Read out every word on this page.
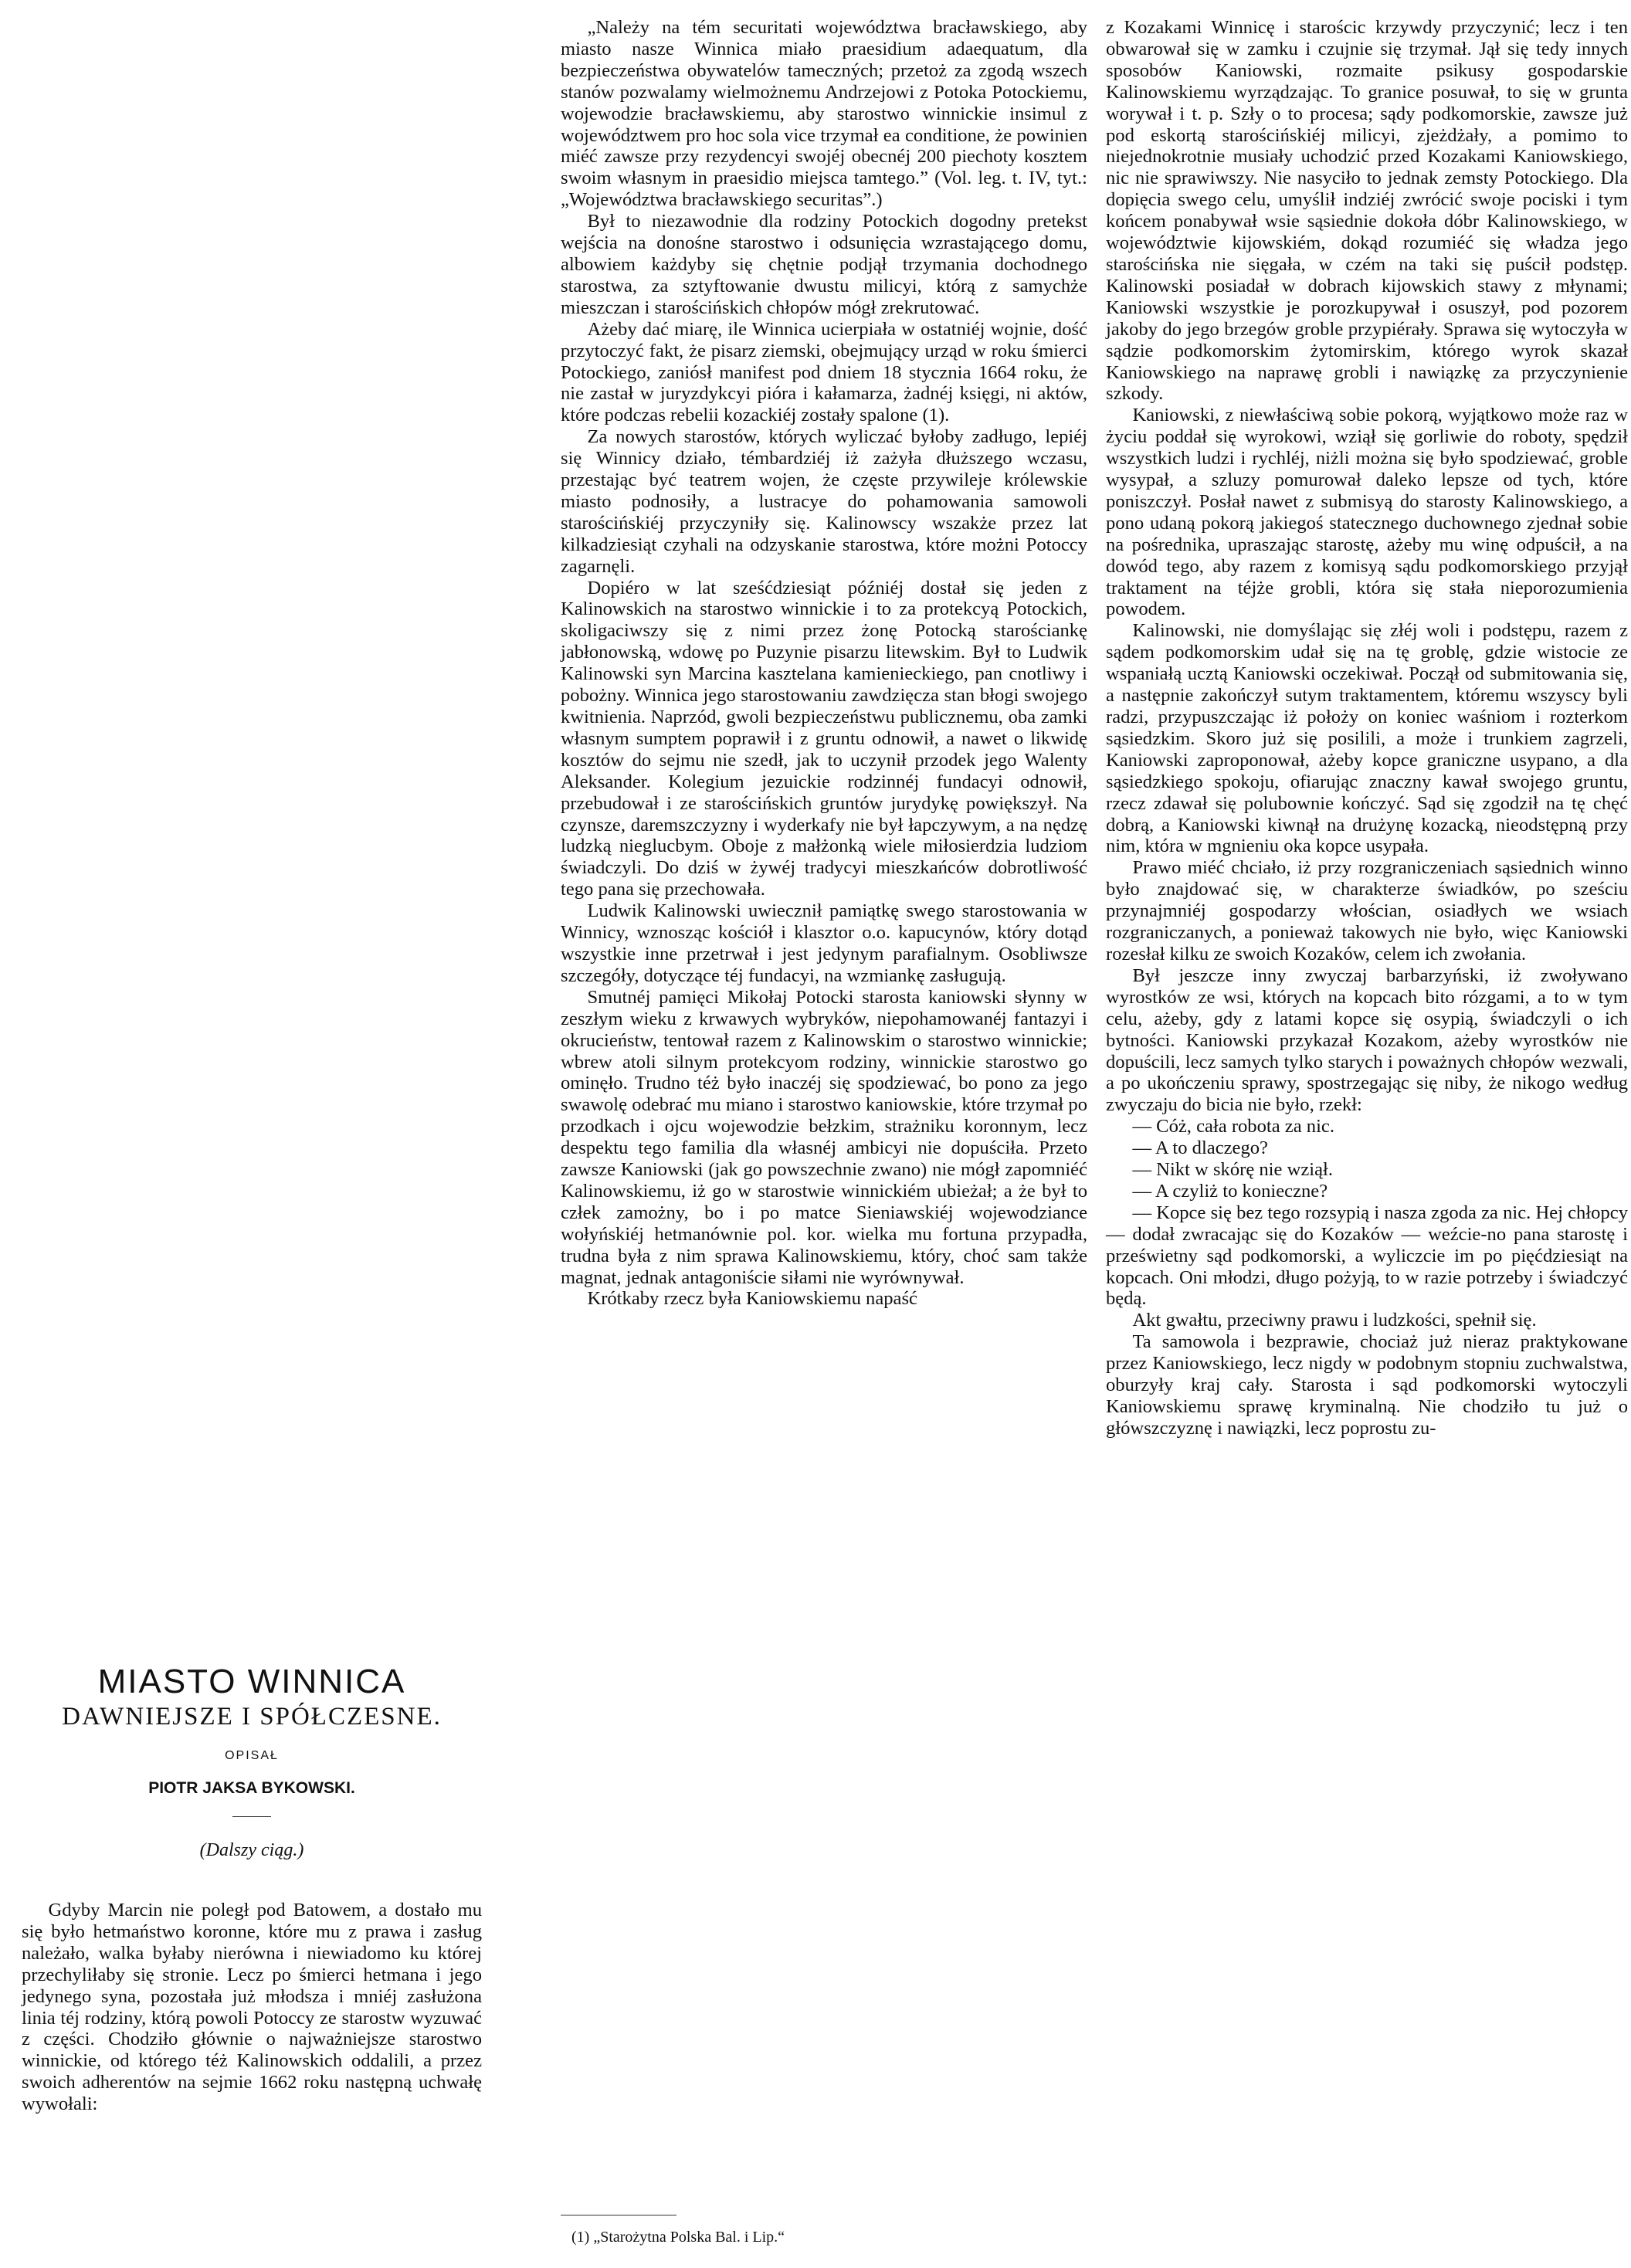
MIASTO WINNICA
DAWNIEJSZE I SPÓŁCZESNE.
OPISAŁ
PIOTR JAKSA BYKOWSKI.
(Dalszy ciąg.)

Gdyby Marcin nie poległ pod Batowem, a dostało mu się było hetmaństwo koronne, które mu z prawa i zasług należało, walka byłaby nierówna i niewiadomo ku której przechyliłaby się stronie. Lecz po śmierci hetmana i jego jedynego syna, pozostała już młodsza i mniéj zasłużona linia téj rodziny, którą powoli Potoccy ze starostw wyzuwać z części. Chodziło głównie o najważniejsze starostwo winnickie, od którego téż Kalinowskich oddalili, a przez swoich adherentów na sejmie 1662 roku następną uchwałę wywołali:

„Należy na tém securitati województwa bracławskiego, aby miasto nasze Winnica miało praesidium adaequatum, dla bezpieczeństwa obywatelów tameczných; przetoż za zgodą wszech stanów pozwalamy wielmożnemu Andrzejowi z Potoka Potockiemu, wojewodzie bracławskiemu, aby starostwo winnickie insimul z województwem pro hoc sola vice trzymał ea conditione, że powinien miéć zawsze przy rezydencyi swojéj obecnéj 200 piechoty kosztem swoim własnym in praesidio miejsca tamtego.” (Vol. leg. t. IV, tyt.: „Województwa bracławskiego securitas”.)

Był to niezawodnie dla rodziny Potockich dogodny pretekst wejścia na donośne starostwo i odsunięcia wzrastającego domu, albowiem każdyby się chętnie podjął trzymania dochodnego starostwa, za sztyftowanie dwustu milicyi, którą z samychże mieszczan i starościńskich chłopów mógł zrekrutować.

Ażeby dać miarę, ile Winnica ucierpiała w ostatniéj wojnie, dość przytoczyć fakt, że pisarz ziemski, obejmujący urząd w roku śmierci Potockiego, zaniósł manifest pod dniem 18 stycznia 1664 roku, że nie zastał w juryzdykcyi pióra i kałamarza, żadnéj księgi, ni aktów, które podczas rebelii kozackiéj zostały spalone (1).

Za nowych starostów, których wyliczać byłoby zadługo, lepiéj się Winnicy działo, témbardziéj iż zażyła dłuższego wczasu, przestając być teatrem wojen, że częste przywileje królewskie miasto podnosiły, a lustracye do pohamowania samowoli starościńskiéj przyczyniły się. Kalinowscy wszakże przez lat kilkadziesiąt czyhali na odzyskanie starostwa, które możni Potoccy zagarnęli.

Dopiéro w lat sześćdziesiąt późniéj dostał się jeden z Kalinowskich na starostwo winnickie i to za protekcyą Potockich, skoligaciwszy się z nimi przez żonę Potocką starościankę jabłonowską, wdowę po Puzynie pisarzu litewskim. Był to Ludwik Kalinowski syn Marcina kasztelana kamienieckiego, pan cnotliwy i pobożny. Winnica jego starostowaniu zawdzięcza stan błogi swojego kwitnienia. Naprzód, gwoli bezpieczeństwu publicznemu, oba zamki własnym sumptem poprawił i z gruntu odnowił, a nawet o likwidę kosztów do sejmu nie szedł, jak to uczynił przodek jego Walenty Aleksander. Kolegium jezuickie rodzinnéj fundacyi odnowił, przebudował i ze starościńskich gruntów jurydykę powiększył. Na czynsze, daremszczyzny i wyderkafy nie był łapczywym, a na nędzę ludzką nieglucbym. Oboje z małżonką wiele miłosierdzia ludziom świadczyli. Do dziś w żywéj tradycyi mieszkańców dobrotliwość tego pana się przechowała.

Ludwik Kalinowski uwiecznił pamiątkę swego starostowania w Winnicy, wznosząc kościół i klasztor o.o. kapucynów, który dotąd wszystkie inne przetrwał i jest jedynym parafialnym. Osobliwsze szczegóły, dotyczące téj fundacyi, na wzmiankę zasługują.

Smutnéj pamięci Mikołaj Potocki starosta kaniowski słynny w zeszłym wieku z krwawych wybryków, niepohamowanéj fantazyi i okrucieństw, tentował razem z Kalinowskim o starostwo winnickie; wbrew atoli silnym protekcyom rodziny, winnickie starostwo go ominęło. Trudno téż było inaczéj się spodziewać, bo pono za jego swawolę odebrać mu miano i starostwo kaniowskie, które trzymał po przodkach i ojcu wojewodzie bełzkim, strażniku koronnym, lecz despektu tego familia dla własnéj ambicyi nie dopuściła. Przeto zawsze Kaniowski (jak go powszechnie zwano) nie mógł zapomniéć Kalinowskiemu, iż go w starostwie winnickiém ubieżał; a że był to człek zamożny, bo i po matce Sieniawskiéj wojewodziance wołyńskiéj hetmanównie pol. kor. wielka mu fortuna przypadła, trudna była z nim sprawa Kalinowskiemu, który, choć sam także magnat, jednak antagoniście siłami nie wyrównywał.

Krótkaby rzecz była Kaniowskiemu napaść

(1) „Starożytna Polska Bal. i Lip.“

z Kozakami Winnicę i starościc krzywdy przyczynić; lecz i ten obwarował się w zamku i czujnie się trzymał. Jął się tedy innych sposobów Kaniowski, rozmaite psikusy gospodarskie Kalinowskiemu wyrządzając. To granice posuwał, to się w grunta worywał i t. p. Szły o to procesa; sądy podkomorskie, zawsze już pod eskortą starościńskiéj milicyi, zjeżdżały, a pomimo to niejednokrotnie musiały uchodzić przed Kozakami Kaniowskiego, nic nie sprawiwszy. Nie nasyciło to jednak zemsty Potockiego. Dla dopięcia swego celu, umyślił indziéj zwrócić swoje pociski i tym końcem ponabywał wsie sąsiednie dokoła dóbr Kalinowskiego, w województwie kijowskiém, dokąd rozumiéć się władza jego starościńska nie sięgała, w czém na taki się puścił podstęp. Kalinowski posiadał w dobrach kijowskich stawy z młynami; Kaniowski wszystkie je porozkupywał i osuszył, pod pozorem jakoby do jego brzegów groble przypiérały. Sprawa się wytoczyła w sądzie podkomorskim żytomirskim, którego wyrok skazał Kaniowskiego na naprawę grobli i nawiązkę za przyczynienie szkody.

Kaniowski, z niewłaściwą sobie pokorą, wyjątkowo może raz w życiu poddał się wyrokowi, wziął się gorliwie do roboty, spędził wszystkich ludzi i rychléj, niżli można się było spodziewać, groble wysypał, a szluzy pomurował daleko lepsze od tych, które poniszczył. Posłał nawet z submisyą do starosty Kalinowskiego, a pono udaną pokorą jakiegoś statecznego duchownego zjednał sobie na pośrednika, upraszając starostę, ażeby mu winę odpuścił, a na dowód tego, aby razem z komisyą sądu podkomorskiego przyjął traktament na téjże grobli, która się stała nieporozumienia powodem.

Kalinowski, nie domyślając się złéj woli i podstępu, razem z sądem podkomorskim udał się na tę groblę, gdzie wistocie ze wspaniałą ucztą Kaniowski oczekiwał. Począł od submitowania się, a następnie zakończył sutym traktamentem, któremu wszyscy byli radzi, przypuszczając iż położy on koniec waśniom i rozterkom sąsiedzkim. Skoro już się posilili, a może i trunkiem zagrzeli, Kaniowski zaproponował, ażeby kopce graniczne usypano, a dla sąsiedzkiego spokoju, ofiarując znaczny kawał swojego gruntu, rzecz zdawał się polubownie kończyć. Sąd się zgodził na tę chęć dobrą, a Kaniowski kiwnął na drużynę kozacką, nieodstępną przy nim, która w mgnieniu oka kopce usypała.

Prawo miéć chciało, iż przy rozgraniczeniach sąsiednich winno było znajdować się, w charakterze świadków, po sześciu przynajmniéj gospodarzy włościan, osiadłych we wsiach rozgraniczanych, a ponieważ takowych nie było, więc Kaniowski rozesłał kilku ze swoich Kozaków, celem ich zwołania.

Był jeszcze inny zwyczaj barbarzyński, iż zwoływano wyrostków ze wsi, których na kopcach bito rózgami, a to w tym celu, ażeby, gdy z latami kopce się osypią, świadczyli o ich bytności. Kaniowski przykazał Kozakom, ażeby wyrostków nie dopuścili, lecz samych tylko starych i poważnych chłopów wezwali, a po ukończeniu sprawy, spostrzegając się niby, że nikogo według zwyczaju do bicia nie było, rzekł:

— Cóż, cała robota za nic.

— A to dlaczego?

— Nikt w skórę nie wziął.

— A czyliż to konieczne?

— Kopce się bez tego rozsypią i nasza zgoda za nic. Hej chłopcy — dodał zwracając się do Kozaków — weźcie-no pana starostę i prześwietny sąd podkomorski, a wyliczcie im po pięćdziesiąt na kopcach. Oni młodzi, długo pożyją, to w razie potrzeby i świadczyć będą.

Akt gwałtu, przeciwny prawu i ludzkości, spełnił się.

Ta samowola i bezprawie, chociaż już nieraz praktykowane przez Kaniowskiego, lecz nigdy w podobnym stopniu zuchwalstwa, oburzyły kraj cały. Starosta i sąd podkomorski wytoczyli Kaniowskiemu sprawę kryminalną. Nie chodziło tu już o główszczyznę i nawiązki, lecz poprostu zu-
